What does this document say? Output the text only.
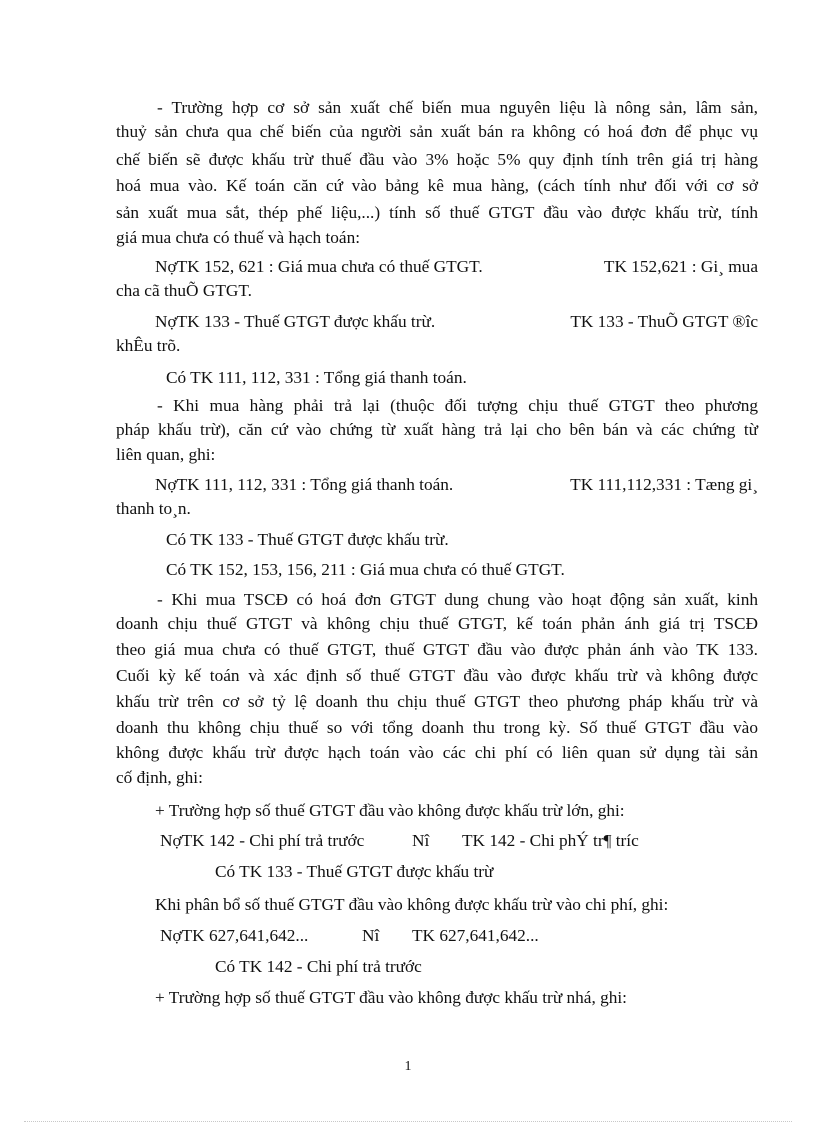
- Trường hợp cơ sở sản xuất chế biến mua nguyên liệu là nông sản, lâm sản,
thuỷ sản chưa qua chế biến của người sản xuất bán ra không có hoá đơn để phục vụ
chế biến sẽ được khấu trừ thuế đầu vào 3% hoặc 5% quy định tính trên giá trị hàng
hoá mua vào. Kế toán căn cứ vào bảng kê mua hàng, (cách tính như đối với cơ sở
sản xuất mua sắt, thép phế liệu,...) tính số thuế GTGT đầu vào được khấu trừ, tính
giá mua chưa có thuế và hạch toán:
NợTK 152, 621 : Giá mua chưa có thuế GTGT.	TK 152,621 : Gi¸ mua
cha cã thuÕ GTGT.
NợTK 133 - Thuế GTGT được khấu trừ.	TK 133 - ThuÕ GTGT ®îc
khÊu trõ.
Có TK 111, 112, 331 : Tổng giá thanh toán.
- Khi mua hàng phải trả lại (thuộc đối tượng chịu thuế GTGT theo phương
pháp khấu trừ), căn cứ vào chứng từ xuất hàng trả lại cho bên bán và các chứng từ
liên quan, ghi:
NợTK 111, 112, 331 : Tổng giá thanh toán.	TK 111,112,331 : Tæng gi¸
thanh to¸n.
Có TK 133 - Thuế GTGT được khấu trừ.
Có TK 152, 153, 156, 211 : Giá mua chưa có thuế GTGT.
- Khi mua TSCĐ có hoá đơn GTGT dung chung vào hoạt động sản xuất, kinh
doanh chịu thuế GTGT và không chịu thuế GTGT, kế toán phản ánh giá trị TSCĐ
theo giá mua chưa có thuế GTGT, thuế GTGT đầu vào được phản ánh vào TK 133.
Cuối kỳ kế toán và xác định số thuế GTGT đầu vào được khấu trừ và không được
khấu trừ trên cơ sở tỷ lệ doanh thu chịu thuế GTGT theo phương pháp khấu trừ và
doanh thu không chịu thuế so với tổng doanh thu trong kỳ. Số thuế GTGT đầu vào
không được khấu trừ được hạch toán vào các chi phí có liên quan sử dụng tài sản
cố định, ghi:
+ Trường hợp số thuế GTGT đầu vào không được khấu trừ lớn, ghi:
NợTK 142 - Chi phí trả trước	Nî TK 142 - Chi phÝ tr¶ tríc
Có TK 133 - Thuế GTGT được khấu trừ
Khi phân bổ số thuế GTGT đầu vào không được khấu trừ vào chi phí, ghi:
NợTK 627,641,642...	Nî TK 627,641,642...
Có TK 142 - Chi phí trả trước
+ Trường hợp số thuế GTGT đầu vào không được khấu trừ nhá, ghi:
1
